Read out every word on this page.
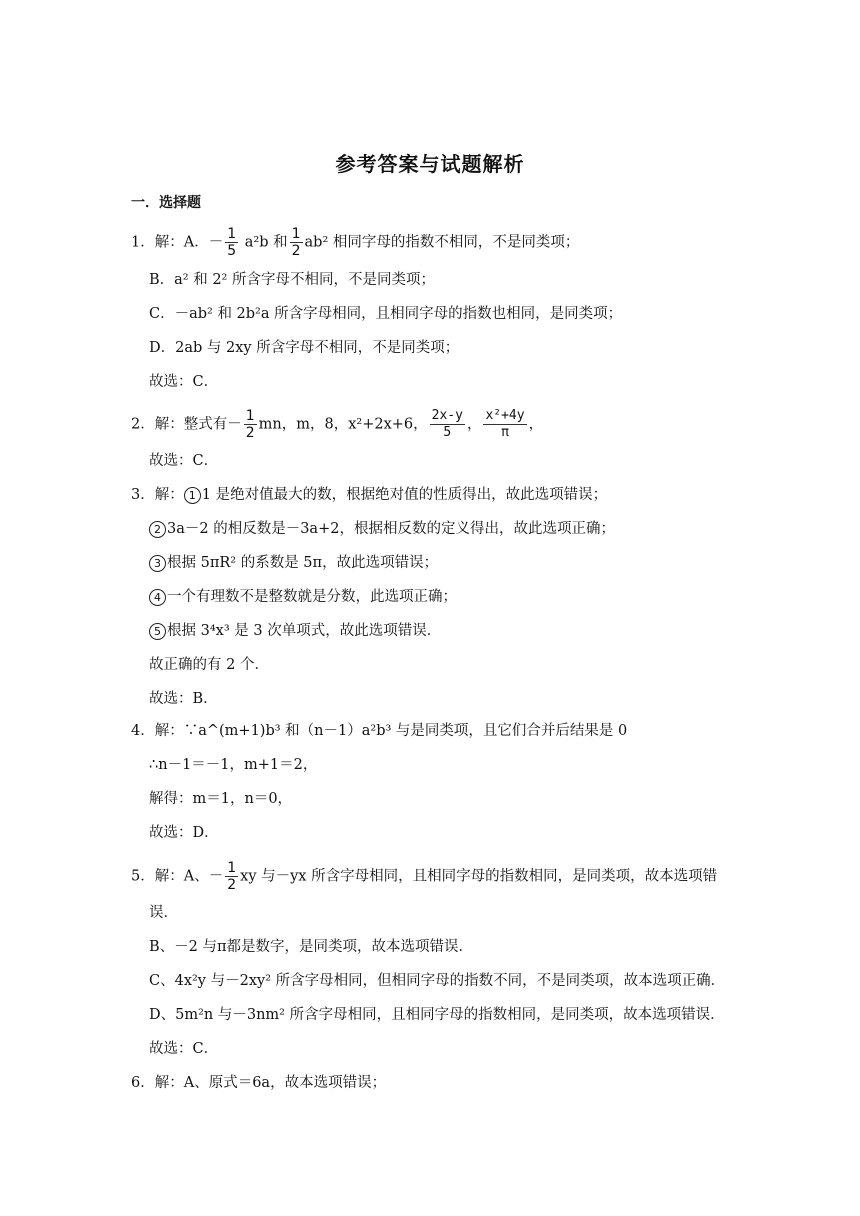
参考答案与试题解析
一．选择题
1．解：A．－ $\frac{1}{5} a^2b$ 和 $\frac{1}{2} ab^2$ 相同字母的指数不相同，不是同类项；
B．a² 和 2² 所含字母不相同，不是同类项；
C．－ab² 和 2b²a 所含字母相同，且相同字母的指数也相同，是同类项；
D．2ab 与 2xy 所含字母不相同，不是同类项；
故选：C．
2．解：整式有－ $\frac{1}{2}$ mn，m，8，x²+2x+6， $\frac{2x-y}{5}$ ， $\frac{\text{x²+4y}}{\pi}$ ，
故选：C．
3．解： 1 1 是绝对值最大的数，根据绝对值的性质得出，故此选项错误；
2 3a－2 的相反数是－3a+2，根据相反数的定义得出，故此选项正确；
3 根据 5πR² 的系数是 5π，故此选项错误；
4 一个有理数不是整数就是分数，此选项正确；
5 根据 3⁴x³ 是 3 次单项式，故此选项错误．
故正确的有 2 个．
故选：B．
4．解：∵a^(m+1)b³ 和（n－1）a²b³ 与是同类项，且它们合并后结果是 0
∴n－1＝－1，m+1＝2，
解得：m＝1，n＝0，
故选：D．
5．解：A、－ $\frac{1}{2}$ xy 与－yx 所含字母相同，且相同字母的指数相同，是同类项，故本选项错
误．
B、－2 与π都是数字，是同类项，故本选项错误．
C、4x²y 与－2xy² 所含字母相同，但相同字母的指数不同，不是同类项，故本选项正确．
D、5m²n 与－3nm² 所含字母相同，且相同字母的指数相同，是同类项，故本选项错误．
故选：C．
6．解：A、原式＝6a，故本选项错误；
